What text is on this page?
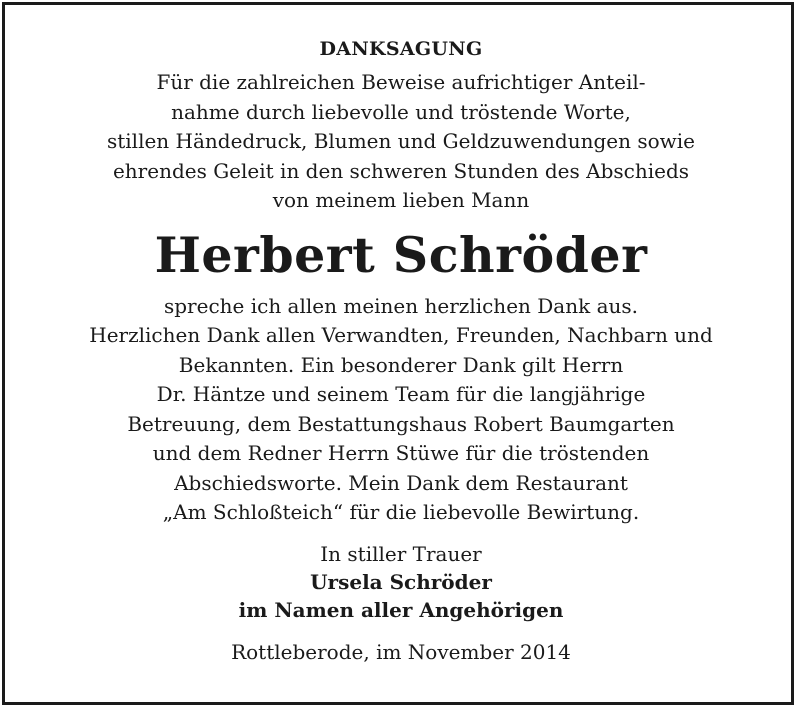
DANKSAGUNG

Für die zahlreichen Beweise aufrichtiger Anteil-
nahme durch liebevolle und tröstende Worte,
stillen Händedruck, Blumen und Geldzuwendungen sowie
ehrendes Geleit in den schweren Stunden des Abschieds
von meinem lieben Mann

Herbert Schröder

spreche ich allen meinen herzlichen Dank aus.
Herzlichen Dank allen Verwandten, Freunden, Nachbarn und
Bekannten. Ein besonderer Dank gilt Herrn
Dr. Häntze und seinem Team für die langjährige
Betreuung, dem Bestattungshaus Robert Baumgarten
und dem Redner Herrn Stüwe für die tröstenden
Abschiedsworte. Mein Dank dem Restaurant
„Am Schloßteich“ für die liebevolle Bewirtung.

In stiller Trauer
Ursela Schröder
im Namen aller Angehörigen
Rottleberode, im November 2014
